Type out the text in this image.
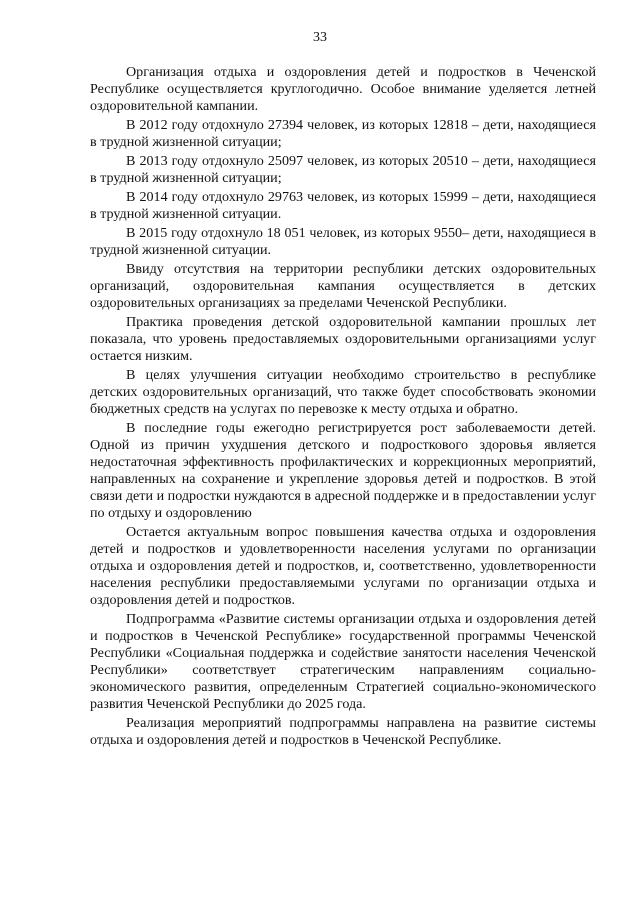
33

Организация отдыха и оздоровления детей и подростков в Чеченской Республике осуществляется круглогодично. Особое внимание уделяется летней оздоровительной кампании.

В 2012 году отдохнуло 27394 человек, из которых 12818 – дети, находящиеся в трудной жизненной ситуации;

В 2013 году отдохнуло 25097 человек, из которых 20510 – дети, находящиеся в трудной жизненной ситуации;

В 2014 году отдохнуло 29763 человек, из которых 15999 – дети, находящиеся в трудной жизненной ситуации.

В 2015 году отдохнуло 18 051 человек, из которых 9550– дети, находящиеся в трудной жизненной ситуации.

Ввиду отсутствия на территории республики детских оздоровительных организаций, оздоровительная кампания осуществляется в детских оздоровительных организациях за пределами Чеченской Республики.

Практика проведения детской оздоровительной кампании прошлых лет показала, что уровень предоставляемых оздоровительными организациями услуг остается низким.

В целях улучшения ситуации необходимо строительство в республике детских оздоровительных организаций, что также будет способствовать экономии бюджетных средств на услугах по перевозке к месту отдыха и обратно.

В последние годы ежегодно регистрируется рост заболеваемости детей. Одной из причин ухудшения детского и подросткового здоровья является недостаточная эффективность профилактических и коррекционных мероприятий, направленных на сохранение и укрепление здоровья детей и подростков. В этой связи дети и подростки нуждаются в адресной поддержке и в предоставлении услуг по отдыху и оздоровлению

Остается актуальным вопрос повышения качества отдыха и оздоровления детей и подростков и удовлетворенности населения услугами по организации отдыха и оздоровления детей и подростков, и, соответственно, удовлетворенности населения республики предоставляемыми услугами по организации отдыха и оздоровления детей и подростков.

Подпрограмма «Развитие системы организации отдыха и оздоровления детей и подростков в Чеченской Республике» государственной программы Чеченской Республики «Социальная поддержка и содействие занятости населения Чеченской Республики» соответствует стратегическим направлениям социально-экономического развития, определенным Стратегией социально-экономического развития Чеченской Республики до 2025 года.

Реализация мероприятий подпрограммы направлена на развитие системы отдыха и оздоровления детей и подростков в Чеченской Республике.
